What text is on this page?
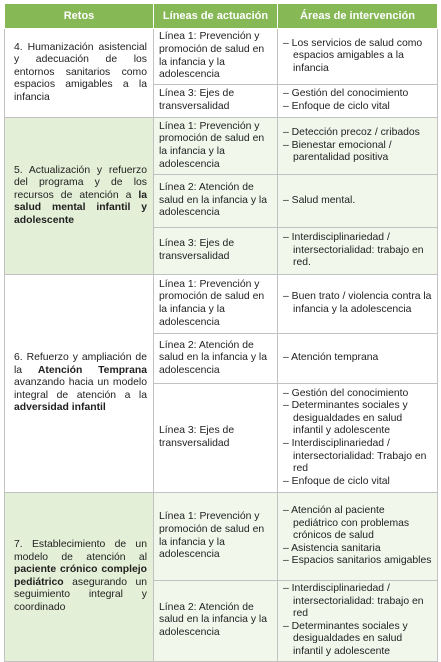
Retos	Líneas de actuación	Áreas de intervención
4. Humanización asistencial y adecuación de los entornos sanitarios como espacios amigables a la infancia	Línea 1: Prevención y promoción de salud en la infancia y la adolescencia	– Los servicios de salud como espacios amigables a la infancia

	Línea 3: Ejes de transversalidad	– Gestión del conocimiento
– Enfoque de ciclo vital

5. Actualización y refuerzo del programa y de los recursos de atención a la salud mental infantil y adolescente	Línea 1: Prevención y promoción de salud en la infancia y la adolescencia	– Detección precoz / cribados
– Bienestar emocional / parentalidad positiva

	Línea 2: Atención de salud en la infancia y la adolescencia	– Salud mental.

	Línea 3: Ejes de transversalidad	– Interdisciplinariedad / intersectorialidad: trabajo en red.

6. Refuerzo y ampliación de la Atención Temprana avanzando hacia un modelo integral de atención a la adversidad infantil	Línea 1: Prevención y promoción de salud en la infancia y la adolescencia	– Buen trato / violencia contra la infancia y la adolescencia

	Línea 2: Atención de salud en la infancia y la adolescencia	– Atención temprana

	Línea 3: Ejes de transversalidad	– Gestión del conocimiento
– Determinantes sociales y desigualdades en salud infantil y adolescente
– Interdisciplinariedad / intersectorialidad: Trabajo en red
– Enfoque de ciclo vital

7. Establecimiento de un modelo de atención al paciente crónico complejo pediátrico asegurando un seguimiento integral y coordinado	Línea 1: Prevención y promoción de salud en la infancia y la adolescencia	– Atención al paciente pediátrico con problemas crónicos de salud
– Asistencia sanitaria
– Espacios sanitarios amigables

	Línea 2: Atención de salud en la infancia y la adolescencia	– Interdisciplinariedad / intersectorialidad: trabajo en red
– Determinantes sociales y desigualdades en salud infantil y adolescente
